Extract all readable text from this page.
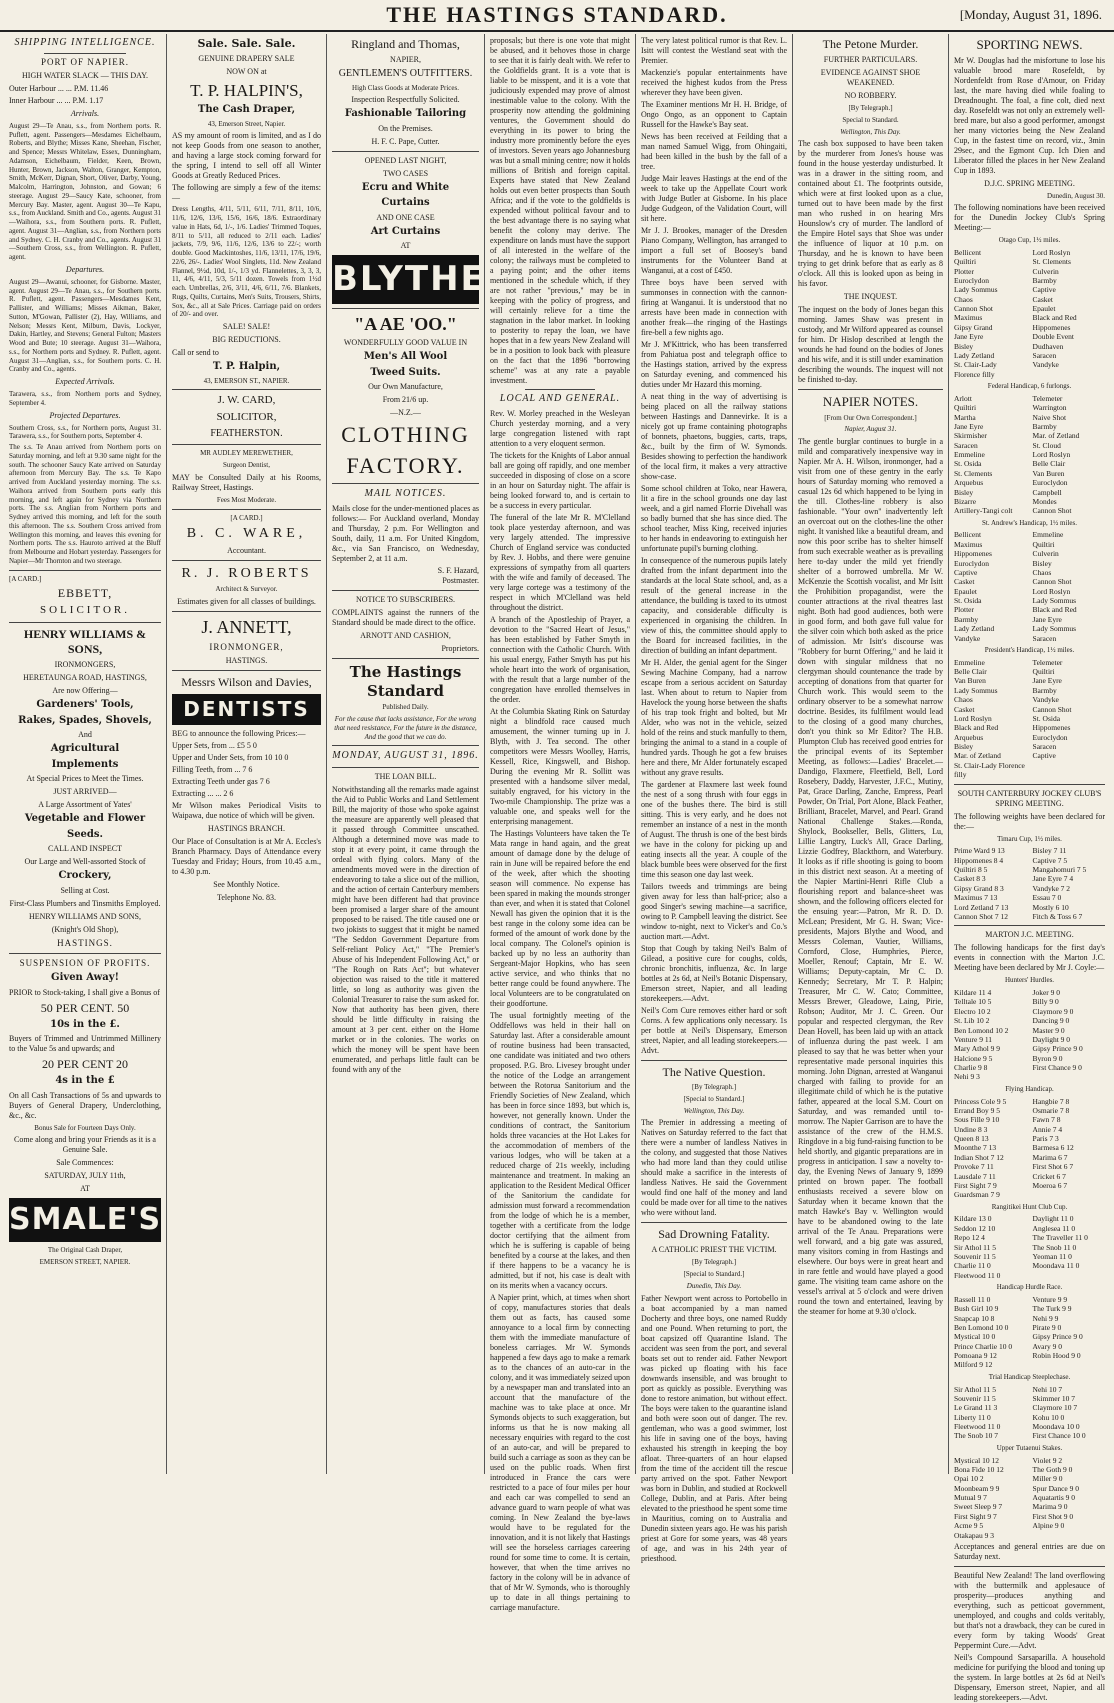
THE HASTINGS STANDARD.	[Monday, August 31, 1896.
SHIPPING INTELLIGENCE.
PORT OF NAPIER.
HIGH WATER SLACK — THIS DAY.
Outer Harbour ... ... P.M. 11.46
Inner Harbour ... ... P.M. 1.17
Arrivals.
August 29—Te Anau, s.s., from Northern ports. R. Puflett, agent. Passengers—Mesdames Eichelbaum, Roberts, and Blythe; Misses Kane, Sheehan, Fischer, and Spence; Messrs Whitelaw, Essex, Dunningham, Adamson, Eichelbaum, Fielder, Keen, Brown, Hunter, Brown, Jackson, Walton, Granger, Kempton, Smith, McKerr, Dignan, Short, Oliver, Darby, Young, Malcolm, Harrington, Johnston, and Gowan; 6 steerage. August 29—Saucy Kate, schooner, from Mercury Bay. Master, agent. August 30—Te Kapu, s.s., from Auckland. Smith and Co., agents. August 31—Waihora, s.s., from Southern ports. R. Puflett, agent. August 31—Anglian, s.s., from Northern ports and Sydney. C. H. Cranby and Co., agents. August 31—Southern Cross, s.s., from Wellington. R. Puflett, agent.
Departures.
August 29—Awanui, schooner, for Gisborne. Master, agent. August 29—Te Anau, s.s., for Southern ports. R. Puflett, agent. Passengers—Mesdames Kent, Pallister, and Williams; Misses Aikman, Baker, Sutton, M'Gowan, Pallister (2), Hay, Williams, and Nelson; Messrs Kent, Milburn, Davis, Lockyer, Dakin, Hartley, and Stevens; General Fulton; Masters Wood and Bute; 10 steerage. August 31—Waihora, s.s., for Northern ports and Sydney. R. Puflett, agent. August 31—Anglian, s.s., for Southern ports. C. H. Cranby and Co., agents.
Expected Arrivals.
Tarawera, s.s., from Northern ports and Sydney, September 4.
Projected Departures.
Southern Cross, s.s., for Northern ports, August 31. Tarawera, s.s., for Southern ports, September 4.
The s.s. Te Anau arrived from Northern ports on Saturday morning, and left at 9.30 same night for the south. The schooner Saucy Kate arrived on Saturday afternoon from Mercury Bay. The s.s. Te Kapo arrived from Auckland yesterday morning. The s.s. Waihora arrived from Southern ports early this morning, and left again for Sydney via Northern ports. The s.s. Anglian from Northern ports and Sydney arrived this morning, and left for the south this afternoon. The s.s. Southern Cross arrived from Wellington this morning, and leaves this evening for Northern ports. The s.s. Hauroto arrived at the Bluff from Melbourne and Hobart yesterday. Passengers for Napier—Mr Thornton and two steerage.
[A CARD.]
EBBETT,
SOLICITOR.
HENRY WILLIAMS & SONS,
IRONMONGERS,
HERETAUNGA ROAD, HASTINGS,
Are now Offering—
Gardeners' Tools,
Rakes, Spades, Shovels,
And
Agricultural
Implements
At Special Prices to Meet the Times.
JUST ARRIVED—
A Large Assortment of Yates'
Vegetable and Flower
Seeds.
CALL AND INSPECT
Our Large and Well-assorted Stock of
Crockery,
Selling at Cost.
First-Class Plumbers and Tinsmiths Employed.
HENRY WILLIAMS AND SONS,
(Knight's Old Shop),
HASTINGS.
SUSPENSION OF PROFITS.
Given Away!
PRIOR to Stock-taking, I shall give a Bonus of
50 PER CENT. 50
10s in the £.
Buyers of Trimmed and Untrimmed Millinery to the Value 5s and upwards; and
20 PER CENT 20
4s in the £
On all Cash Transactions of 5s and upwards to Buyers of General Drapery, Underclothing, &c., &c.
Bonus Sale for Fourteen Days Only.
Come along and bring your Friends as it is a Genuine Sale.
Sale Commences:
SATURDAY, JULY 11th,
AT
SMALE'S
The Original Cash Draper,
EMERSON STREET, NAPIER.
Sale. Sale. Sale.
GENUINE DRAPERY SALE
NOW ON at
T. P. HALPIN'S,
The Cash Draper,
43, Emerson Street, Napier.
AS my amount of room is limited, and as I do not keep Goods from one season to another, and having a large stock coming forward for the spring, I intend to sell off all Winter Goods at Greatly Reduced Prices.
The following are simply a few of the items:—
Dress Lengths, 4/11, 5/11, 6/11, 7/11, 8/11, 10/6, 11/6, 12/6, 13/6, 15/6, 16/6, 18/6. Extraordinary value in Hats, 6d, 1/-, 1/6. Ladies' Trimmed Toques, 8/11 to 5/11, all reduced to 2/11 each. Ladies' jackets, 7/9, 9/6, 11/6, 12/6, 13/6 to 22/-; worth double. Good Mackintoshes, 11/6, 13/11, 17/6, 19/6, 22/6, 26/-. Ladies' Wool Singlets, 11d. New Zealand Flannel, 9½d, 10d, 1/-, 1/3 yd. Flannelettes, 3, 3, 3, 11, 4/6, 4/11, 5/3, 5/11 dozen. Towels from 1½d each. Umbrellas, 2/6, 3/11, 4/6, 6/11, 7/6. Blankets, Rugs, Quilts, Curtains, Men's Suits, Trousers, Shirts, Sox, &c., all at Sale Prices. Carriage paid on orders of 20/- and over.
SALE! SALE!
BIG REDUCTIONS.
Call or send to
T. P. Halpin,
43, EMERSON ST., NAPIER.
J. W. CARD,
SOLICITOR,
FEATHERSTON.
MR AUDLEY MEREWETHER,
Surgeon Dentist,
MAY be Consulted Daily at his Rooms, Railway Street, Hastings.
Fees Most Moderate.
[A CARD.]
B. C. WARE,
Accountant.
R. J. ROBERTS
Architect & Surveyor.
Estimates given for all classes of buildings.
J. ANNETT,
IRONMONGER,
HASTINGS.
Messrs Wilson and Davies,
DENTISTS
BEG to announce the following Prices:—
Upper Sets, from ... £5 5 0
Upper and Under Sets, from 10 10 0
Filling Teeth, from ... 7 6
Extracting Teeth under gas 7 6
Extracting ... ... 2 6
Mr Wilson makes Periodical Visits to Waipawa, due notice of which will be given.
HASTINGS BRANCH.
Our Place of Consultation is at Mr A. Eccles's Branch Pharmacy. Days of Attendance every Tuesday and Friday; Hours, from 10.45 a.m., to 4.30 p.m.
See Monthly Notice.
Telephone No. 83.
Ringland and Thomas,
NAPIER,
GENTLEMEN'S OUTFITTERS.
High Class Goods at Moderate Prices.
Inspection Respectfully Solicited.
Fashionable Tailoring
On the Premises.
H. F. C. Pape, Cutter.
OPENED LAST NIGHT,
TWO CASES
Ecru and White
Curtains
AND ONE CASE
Art Curtains
AT
BLYTHES
"A AE 'OO."
WONDERFULLY GOOD VALUE IN
Men's All Wool
Tweed Suits.
Our Own Manufacture,
From 21/6 up.
—N.Z.—
CLOTHING
FACTORY.
MAIL NOTICES.
Mails close for the under-mentioned places as follows:— For Auckland overland, Monday and Thursday, 2 p.m. For Wellington and South, daily, 11 a.m. For United Kingdom, &c., via San Francisco, on Wednesday, September 2, at 11 a.m.
S. F. Hazard,
Postmaster.
NOTICE TO SUBSCRIBERS.
COMPLAINTS against the runners of the Standard should be made direct to the office.
ARNOTT AND CASHION,
Proprietors.
The Hastings Standard
Published Daily.
For the cause that lacks assistance, For the wrong that need resistance, For the future in the distance, And the good that we can do.
MONDAY, AUGUST 31, 1896.
THE LOAN BILL.
Notwithstanding all the remarks made against the Aid to Public Works and Land Settlement Bill, the majority of those who spoke against the measure are apparently well pleased that it passed through Committee unscathed. Although a determined move was made to stop it at every point, it came through the ordeal with flying colors. Many of the amendments moved were in the direction of endeavoring to take a slice out of the million, and the action of certain Canterbury members might have been different had that province been promised a larger share of the amount proposed to be raised. The title caused one or two jokists to suggest that it might be named "The Seddon Government Departure from Self-reliant Policy Act," "The Premier's Abuse of his Independent Following Act," or "The Rough on Rats Act"; but whatever objection was raised to the title it mattered little, so long as authority was given the Colonial Treasurer to raise the sum asked for. Now that authority has been given, there should be little difficulty in raising the amount at 3 per cent. either on the Home market or in the colonies. The works on which the money will be spent have been enumerated, and perhaps little fault can be found with any of the
proposals; but there is one vote that might be abused, and it behoves those in charge to see that it is fairly dealt with. We refer to the Goldfields grant. It is a vote that is liable to be misspent, and it is a vote that judiciously expended may prove of almost inestimable value to the colony. With the prosperity now attending the goldmining ventures, the Government should do everything in its power to bring the industry more prominently before the eyes of investors. Seven years ago Johannesburg was but a small mining centre; now it holds millions of British and foreign capital. Experts have stated that New Zealand holds out even better prospects than South Africa; and if the vote to the goldfields is expended without political favour and to the best advantage there is no saying what benefit the colony may derive. The expenditure on lands must have the support of all interested in the welfare of the colony; the railways must be completed to a paying point; and the other items mentioned in the schedule which, if they are not rather "previous," may be in keeping with the policy of progress, and will certainly relieve for a time the stagnation in the labor market. In looking to posterity to repay the loan, we have hopes that in a few years New Zealand will be in a position to look back with pleasure on the fact that the 1896 "borrowing scheme" was at any rate a payable investment.
LOCAL AND GENERAL.
Rev. W. Morley preached in the Wesleyan Church yesterday morning, and a very large congregation listened with rapt attention to a very eloquent sermon.
The tickets for the Knights of Labor annual ball are going off rapidly, and one member succeeded in disposing of close on a score in an hour on Saturday night. The affair is being looked forward to, and is certain to be a success in every particular.
The funeral of the late Mr R. M'Clelland took place yesterday afternoon, and was very largely attended. The impressive Church of England service was conducted by Rev. J. Hobbs, and there were genuine expressions of sympathy from all quarters with the wife and family of deceased. The very large cortege was a testimony of the respect in which M'Clelland was held throughout the district.
A branch of the Apostleship of Prayer, a devotion to the "Sacred Heart of Jesus," has been established by Father Smyth in connection with the Catholic Church. With his usual energy, Father Smyth has put his whole heart into the work of organisation, with the result that a large number of the congregation have enrolled themselves in the order.
At the Columbia Skating Rink on Saturday night a blindfold race caused much amusement, the winner turning up in J. Blyth, with J. Tea second. The other competitors were Messrs Woolley, Harris, Kessell, Rice, Kingswell, and Bishop. During the evening Mr R. Sollitt was presented with a handsome silver medal, suitably engraved, for his victory in the Two-mile Championship. The prize was a valuable one, and speaks well for the enterprising management.
The Hastings Volunteers have taken the Te Mata range in hand again, and the great amount of damage done by the deluge of rain in June will be repaired before the end of the week, after which the shooting season will commence. No expense has been spared in making the mounds stronger than ever, and when it is stated that Colonel Newall has given the opinion that it is the best range in the colony some idea can be formed of the amount of work done by the local company. The Colonel's opinion is backed up by no less an authority than Sergeant-Major Hopkins, who has seen active service, and who thinks that no better range could be found anywhere. The local Volunteers are to be congratulated on their goodfortune.
The usual fortnightly meeting of the Oddfellows was held in their hall on Saturday last. After a considerable amount of routine business had been transacted, one candidate was initiated and two others proposed. P.G. Bro. Livesey brought under the notice of the Lodge an arrangement between the Rotorua Sanitorium and the Friendly Societies of New Zealand, which has been in force since 1893, but which is, however, not generally known. Under the conditions of contract, the Sanitorium holds three vacancies at the Hot Lakes for the accommodation of members of the various lodges, who will be taken at a reduced charge of 21s weekly, including maintenance and treatment. In making an application to the Resident Medical Officer of the Sanitorium the candidate for admission must forward a recommendation from the lodge of which he is a member, together with a certificate from the lodge doctor certifying that the ailment from which he is suffering is capable of being benefited by a course at the lakes, and then if there happens to be a vacancy he is admitted, but if not, his case is dealt with on its merits when a vacancy occurs.
A Napier print, which, at times when short of copy, manufactures stories that deals them out as facts, has caused some annoyance to a local firm by connecting them with the immediate manufacture of boneless carriages. Mr W. Symonds happened a few days ago to make a remark as to the chances of an auto-car in the colony, and it was immediately seized upon by a newspaper man and translated into an account that the manufacture of the machine was to take place at once. Mr Symonds objects to such exaggeration, but informs us that he is now making all necessary enquiries with regard to the cost of an auto-car, and will be prepared to build such a carriage as soon as they can be used on the public roads. When first introduced in France the cars were restricted to a pace of four miles per hour and each car was compelled to send an advance guard to warn people of what was coming. In New Zealand the bye-laws would have to be regulated for the innovation, and it is not likely that Hastings will see the horseless carriages careering round for some time to come. It is certain, however, that when the time arrives no factory in the colony will be in advance of that of Mr W. Symonds, who is thoroughly up to date in all things pertaining to carriage manufacture.
The very latest political rumor is that Rev. L. Isitt will contest the Westland seat with the Premier.
Mackenzie's popular entertainments have received the highest kudos from the Press wherever they have been given.
The Examiner mentions Mr H. H. Bridge, of Ongo Ongo, as an opponent to Captain Russell for the Hawke's Bay seat.
News has been received at Feilding that a man named Samuel Wigg, from Ohingaiti, had been killed in the bush by the fall of a tree.
Judge Mair leaves Hastings at the end of the week to take up the Appellate Court work with Judge Butler at Gisborne. In his place Judge Gudgeon, of the Validation Court, will sit here.
Mr J. J. Brookes, manager of the Dresden Piano Company, Wellington, has arranged to import a full set of Boosey's band instruments for the Volunteer Band at Wanganui, at a cost of £450.
Three boys have been served with summonses in connection with the cannon-firing at Wanganui. It is understood that no arrests have been made in connection with another freak—the ringing of the Hastings fire-bell a few nights ago.
Mr J. M'Kittrick, who has been transferred from Pahiatua post and telegraph office to the Hastings station, arrived by the express on Saturday evening, and commenced his duties under Mr Hazard this morning.
A neat thing in the way of advertising is being placed on all the railway stations between Hastings and Dannevirke. It is a nicely got up frame containing photographs of bonnets, phaetons, buggies, carts, traps, &c., built by the firm of W. Symonds. Besides showing to perfection the handiwork of the local firm, it makes a very attractive show-case.
Some school children at Toko, near Hawera, lit a fire in the school grounds one day last week, and a girl named Florrie Divehall was so badly burned that she has since died. The school teacher, Miss King, received injuries to her hands in endeavoring to extinguish her unfortunate pupil's burning clothing.
In consequence of the numerous pupils lately drafted from the infant department into the standards at the local State school, and, as a result of the general increase in the attendance, the building is taxed to its utmost capacity, and considerable difficulty is experienced in organising the children. In view of this, the committee should apply to the Board for increased facilities, in the direction of building an infant department.
Mr H. Alder, the genial agent for the Singer Sewing Machine Company, had a narrow escape from a serious accident on Saturday last. When about to return to Napier from Havelock the young horse between the shafts of his trap took fright and bolted, but Mr Alder, who was not in the vehicle, seized hold of the reins and stuck manfully to them, bringing the animal to a stand in a couple of hundred yards. Though he got a few bruises here and there, Mr Alder fortunately escaped without any grave results.
The gardener at Flaxmere last week found the nest of a song thrush with four eggs in one of the bushes there. The bird is still sitting. This is very early, and he does not remember an instance of a nest in the month of August. The thrush is one of the best birds we have in the colony for picking up and eating insects all the year. A couple of the black bumble bees were observed for the first time this season one day last week.
Tailors tweeds and trimmings are being given away for less than half-price; also a good Singer's sewing machine—a sacrifice, owing to P. Campbell leaving the district. See window to-night, next to Vicker's and Co.'s auction mart.—Advt.
Stop that Cough by taking Neil's Balm of Gilead, a positive cure for coughs, colds, chronic bronchitis, influenza, &c. In large bottles at 2s 6d, at Neil's Botanic Dispensary, Emerson street, Napier, and all leading storekeepers.—Advt.
Neil's Corn Cure removes either hard or soft Corns. A few applications only necessary. 1s per bottle at Neil's Dispensary, Emerson street, Napier, and all leading storekeepers.—Advt.
The Native Question.
[By Telegraph.]
[Special to Standard.]
Wellington, This Day.
The Premier in addressing a meeting of Natives on Saturday referred to the fact that there were a number of landless Natives in the colony, and suggested that those Natives who had more land than they could utilise should make a sacrifice in the interests of landless Natives. He said the Government would find one half of the money and land could be made over for all time to the natives who were without land.
Sad Drowning Fatality.
A CATHOLIC PRIEST THE VICTIM.
[By Telegraph.]
[Special to Standard.]
Dunedin, This Day.
Father Newport went across to Portobello in a boat accompanied by a man named Docherty and three boys, one named Ruddy and one Pound. When returning to port, the boat capsized off Quarantine Island. The accident was seen from the port, and several boats set out to render aid. Father Newport was picked up floating with his face downwards insensible, and was brought to port as quickly as possible. Everything was done to restore animation, but without effect. The boys were taken to the quarantine island and both were soon out of danger. The rev. gentleman, who was a good swimmer, lost his life in saving one of the boys, having exhausted his strength in keeping the boy afloat. Three-quarters of an hour elapsed from the time of the accident till the rescue party arrived on the spot. Father Newport was born in Dublin, and studied at Rockwell College, Dublin, and at Paris. After being elevated to the priesthood he spent some time in Mauritius, coming on to Australia and Dunedin sixteen years ago. He was his parish priest at Gore for some years, was 48 years of age, and was in his 24th year of priesthood.
The Petone Murder.
FURTHER PARTICULARS.
EVIDENCE AGAINST SHOE WEAKENED.
NO ROBBERY.
[By Telegraph.]
Special to Standard.
Wellington, This Day.
The cash box supposed to have been taken by the murderer from Jones's house was found in the house yesterday undisturbed. It was in a drawer in the sitting room, and contained about £1. The footprints outside, which were at first looked upon as a clue, turned out to have been made by the first man who rushed in on hearing Mrs Hounslow's cry of murder. The landlord of the Empire Hotel says that Shoe was under the influence of liquor at 10 p.m. on Thursday, and he is known to have been trying to get drink before that as early as 8 o'clock. All this is looked upon as being in his favor.
THE INQUEST.
The inquest on the body of Jones began this morning. James Shaw was present in custody, and Mr Wilford appeared as counsel for him. Dr Hislop described at length the wounds he had found on the bodies of Jones and his wife, and it is still under examination describing the wounds. The inquest will not be finished to-day.
NAPIER NOTES.
[From Our Own Correspondent.]
Napier, August 31.
The gentle burglar continues to burgle in a mild and comparatively inexpensive way in Napier. Mr A. H. Wilson, ironmonger, had a visit from one of these gentry in the early hours of Saturday morning who removed a casual 12s 6d which happened to be lying in the till. Clothes-line robbery is also fashionable. "Your own" inadvertently left an overcoat out on the clothes-line the other night. It vanished like a beautiful dream, and now this poor scribe has to shelter himself from such execrable weather as is prevailing here to-day under the mild yet friendly shelter of a borrowed umbrella. Mr W. McKenzie the Scottish vocalist, and Mr Isitt the Prohibition propagandist, were the counter attractions at the rival theatres last night. Both had good audiences, both were in good form, and both gave full value for the silver coin which both asked as the price of admission. Mr Isitt's discourse was "Robbery for burnt Offering," and he laid it down with singular mildness that no clergyman should countenance the trade by accepting of donations from that quarter for Church work. This would seem to the ordinary observer to be a somewhat narrow doctrine. Besides, its fulfilment would lead to the closing of a good many churches, don't you think so Mr Editor? The H.B. Plumpton Club has received good entries for the principal events of its September Meeting, as follows:—Ladies' Bracelet.—Dandigo, Flaxmere, Fleetfield, Bell, Lord Rosebery, Daddy, Harvester, J.F.C., Mutiny, Pat, Grace Darling, Zanche, Empress, Pearl Powder, On Trial, Port Alone, Black Feather, Brilliant, Bracelet, Marvel, and Pearl. Grand National Challenge Stakes.—Ronda, Shylock, Bookseller, Bells, Glitters, Lu, Lillie Langtry, Luck's All, Grace Darling, Lizzie Godfrey, Blackthorn, and Waterbury. It looks as if rifle shooting is going to boom in this district next season. At a meeting of the Napier Martini-Henri Rifle Club a flourishing report and balance-sheet was shown, and the following officers elected for the ensuing year:—Patron, Mr R. D. D. McLean; President, Mr G. H. Swan; Vice-presidents, Majors Blythe and Wood, and Messrs Coleman, Vautier, Williams, Cornford, Close, Humphries, Pierce, Moeller, Renouf; Captain, Mr E. W. Williams; Deputy-captain, Mr C. D. Kennedy; Secretary, Mr T. P. Halpin; Treasurer, Mr C. W. Cato; Committee, Messrs Brewer, Gleadowe, Laing, Pirie, Robson; Auditor, Mr J. C. Green. Our popular and respected clergyman, the Rev Dean Hovell, has been laid up with an attack of influenza during the past week. I am pleased to say that he was better when your representative made personal inquiries this morning. John Dignan, arrested at Wanganui charged with failing to provide for an illegitimate child of which he is the putative father, appeared at the local S.M. Court on Saturday, and was remanded until to-morrow. The Napier Garrison are to have the assistance of the crew of the H.M.S. Ringdove in a big fund-raising function to be held shortly, and gigantic preparations are in progress in anticipation. I saw a novelty to-day, the Evening News of January 9, 1899 printed on brown paper. The football enthusiasts received a severe blow on Saturday when it became known that the match Hawke's Bay v. Wellington would have to be abandoned owing to the late arrival of the Te Anau. Preparations were well forward, and a big gate was assured, many visitors coming in from Hastings and elsewhere. Our boys were in great heart and in rare fettle and would have played a good game. The visiting team came ashore on the vessel's arrival at 5 o'clock and were driven round the town and entertained, leaving by the steamer for home at 9.30 o'clock.
SPORTING NEWS.
Mr W. Douglas had the misfortune to lose his valuable brood mare Rosefeldt, by Nordenfeldt from Rose d'Amour, on Friday last, the mare having died while foaling to Dreadnought. The foal, a fine colt, died next day. Rosefeldt was not only an extremely well-bred mare, but also a good performer, amongst her many victories being the New Zealand Cup, in the fastest time on record, viz., 3min 29sec, and the Egmont Cup. Ich Dien and Liberator filled the places in her New Zealand Cup in 1893.
D.J.C. SPRING MEETING.
Dunedin, August 30.
The following nominations have been received for the Dunedin Jockey Club's Spring Meeting:—
Otago Cup, 1½ miles.
Bellicent	Lord Roslyn
Quiltiri	St. Clements
Plotter	Culverin
Euroclydon	Barmby
Lady Sommus	Captive
Chaos	Casket
Cannon Shot	Epaulet
Maximus	Black and Red
Gipsy Grand	Hippomenes
Jane Eyre	Double Event
Bisley	Dudhaven
Lady Zetland	Saracen
St. Clair-Lady	Vandyke
Florence filly
Federal Handicap, 6 furlongs.
Arlott	Telemeter
Quiltiri	Warrington
Martha	Naive Shot
Jane Eyre	Barmby
Skirmisher	Mar. of Zetland
Saracen	St. Cloud
Emmeline	Lord Roslyn
St. Osida	Belle Clair
St. Clements	Van Buren
Arquebus	Euroclydon
Bisley	Campbell
Bizarre	Mondes
Artillery-Tangi colt	Cannon Shot
St. Andrew's Handicap, 1½ miles.
Bellicent	Emmeline
Maximus	Quiltiri
Hippomenes	Culverin
Euroclydon	Bisley
Captive	Chaos
Casket	Cannon Shot
Epaulet	Lord Roslyn
St. Osida	Lady Sommus
Plotter	Black and Red
Barmby	Jane Eyre
Lady Zetland	Lady Sommus
Vandyke	Saracen
President's Handicap, 1½ miles.
Emmeline	Telemeter
Belle Clair	Quiltiri
Van Buren	Jane Eyre
Lady Sommus	Barmby
Chaos	Vandyke
Casket	Cannon Shot
Lord Roslyn	St. Osida
Black and Red	Hippomenes
Arquebus	Euroclydon
Bisley	Saracen
Mar. of Zetland	Captive
St. Clair-Lady Florence filly
SOUTH CANTERBURY JOCKEY CLUB'S SPRING MEETING.
The following weights have been declared for the:—
Timaru Cup, 1½ miles.
Prime Ward 9 13	Bisley 7 11
Hippomenes 8 4	Captive 7 5
Quiltiri 8 5	Mangahomuri 7 5
Casket 8 3	Jane Eyre 7 4
Gipsy Grand 8 3	Vandyke 7 2
Maximus 7 13	Essau 7 0
Lord Zetland 7 13	Mostly 6 10
Cannon Shot 7 12	Fitch & Toss 6 7
MARTON J.C. MEETING.
The following handicaps for the first day's events in connection with the Marton J.C. Meeting have been declared by Mr J. Coyle:—
Hunters' Hurdles.
Kildare 11 4	Joker 9 0
Telltale 10 5	Billy 9 0
Electro 10 2	Claymore 9 0
St. Lib 10 2	Dancing 9 0
Ben Lomond 10 2	Master 9 0
Venture 9 11	Daylight 9 0
Mary Athol 9 9	Gipsy Prince 9 0
Halcione 9 5	Byron 9 0
Charlie 9 8	First Chance 9 0
Nehi 9 3
Flying Handicap.
Princess Cole 9 5	Hangbie 7 8
Errand Boy 9 5	Osmarie 7 8
Sous Fille 9 10	Fawn 7 8
Undine 8 3	Annie 7 4
Queen 8 13	Paris 7 3
Moonthe 7 13	Barmesa 6 12
Indian Shot 7 12	Marima 6 7
Provoke 7 11	First Shot 6 7
Lausdale 7 11	Cricket 6 7
First Sight 7 9	Moeroa 6 7
Guardsman 7 9
Rangitikei Hunt Club Cup.
Kildare 13 0	Daylight 11 0
Seddon 12 10	Anglesea 11 0
Repo 12 4	The Traveller 11 0
Sir Athol 11 5	The Snob 11 0
Souvenir 11 5	Yeoman 11 0
Charlie 11 0	Moondava 11 0
Fleetwood 11 0
Handicap Hurdle Race.
Rassell 11 0	Venture 9 9
Bush Girl 10 9	The Turk 9 9
Snapcap 10 8	Nehi 9 9
Ben Lomond 10 0	Pirate 9 0
Mystical 10 0	Gipsy Prince 9 0
Prince Charlie 10 0	Avary 9 0
Pomoana 9 12	Robin Hood 9 0
Milford 9 12
Trial Handicap Steeplechase.
Sir Athol 11 5	Nehi 10 7
Souvenir 11 5	Skimmer 10 7
Le Grand 11 3	Claymore 10 7
Liberty 11 0	Kohu 10 0
Fleetwood 11 0	Moondava 10 0
The Snob 10 7	First Chance 10 0
Upper Tutaenui Stakes.
Mystical 10 12	Violet 9 2
Bona Fide 10 12	The Goth 9 0
Opai 10 2	Miller 9 0
Moonbeam 9 9	Spur Dance 9 0
Mutual 9 7	Aquatartis 9 0
Sweet Sleep 9 7	Marima 9 0
First Sight 9 7	First Shot 9 0
Acme 9 5	Alpine 9 0
Otakapau 9 3
Acceptances and general entries are due on Saturday next.
Beautiful New Zealand! The land overflowing with the buttermilk and applesauce of prosperity—produces anything and everything, such as petticoat government, unemployed, and coughs and colds veritably, but that's not a drawback, they can be cured in every form by taking Woods' Great Peppermint Cure.—Advt.
Neil's Compound Sarsaparilla. A household medicine for purifying the blood and toning up the system. In large bottles at 2s 6d at Neil's Dispensary, Emerson street, Napier, and all leading storekeepers.—Advt.
